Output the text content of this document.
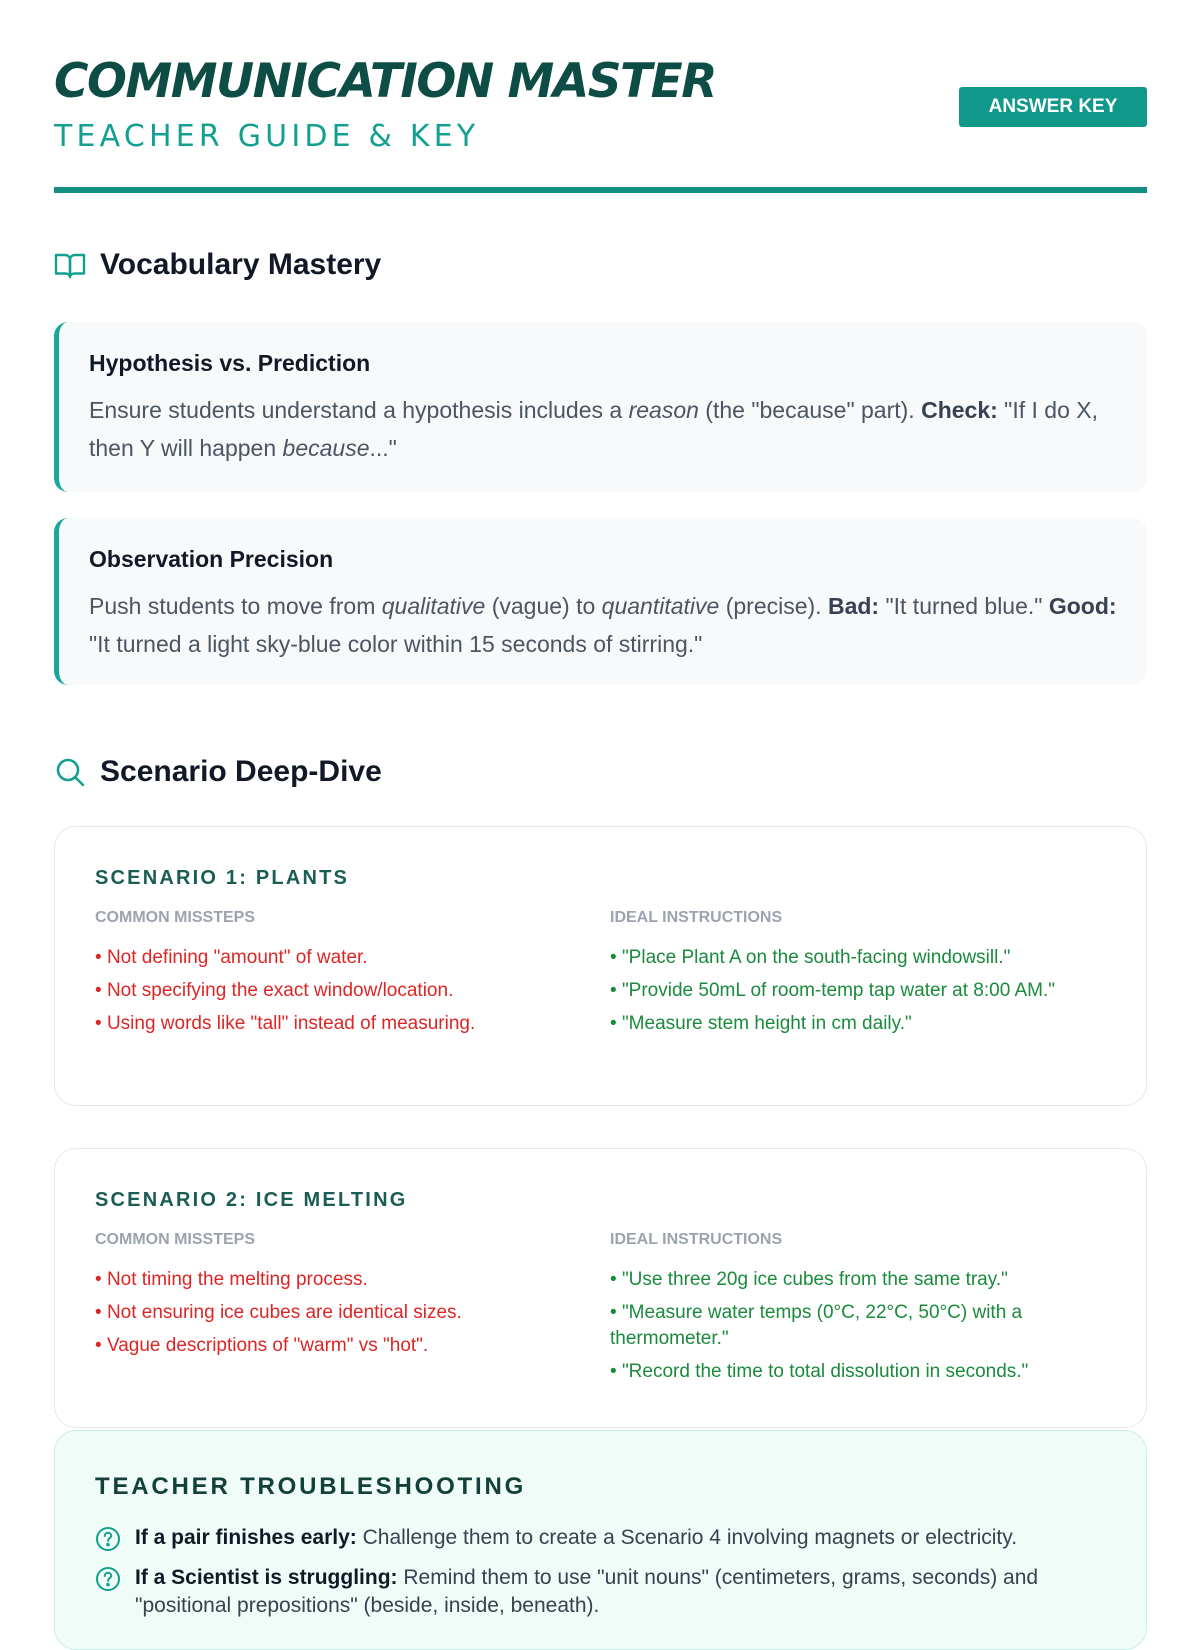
COMMUNICATION MASTER

TEACHER GUIDE & KEY

ANSWER KEY
Vocabulary Mastery

Hypothesis vs. Prediction

Ensure students understand a hypothesis includes a reason (the "because" part). Check: "If I do X, then Y will happen because..."

Observation Precision

Push students to move from qualitative (vague) to quantitative (precise). Bad: "It turned blue." Good: "It turned a light sky-blue color within 15 seconds of stirring."

Scenario Deep-Dive
SCENARIO 1: PLANTS

COMMON MISSTEPS

• Not defining "amount" of water.
• Not specifying the exact window/location.
• Using words like "tall" instead of measuring.

IDEAL INSTRUCTIONS

• "Place Plant A on the south-facing windowsill."
• "Provide 50mL of room-temp tap water at 8:00 AM."
• "Measure stem height in cm daily."
SCENARIO 2: ICE MELTING

COMMON MISSTEPS

• Not timing the melting process.
• Not ensuring ice cubes are identical sizes.
• Vague descriptions of "warm" vs "hot".

IDEAL INSTRUCTIONS

• "Use three 20g ice cubes from the same tray."
• "Measure water temps (0°C, 22°C, 50°C) with a thermometer."
• "Record the time to total dissolution in seconds."
TEACHER TROUBLESHOOTING
If a pair finishes early: Challenge them to create a Scenario 4 involving magnets or electricity.
If a Scientist is struggling: Remind them to use "unit nouns" (centimeters, grams, seconds) and "positional prepositions" (beside, inside, beneath).
